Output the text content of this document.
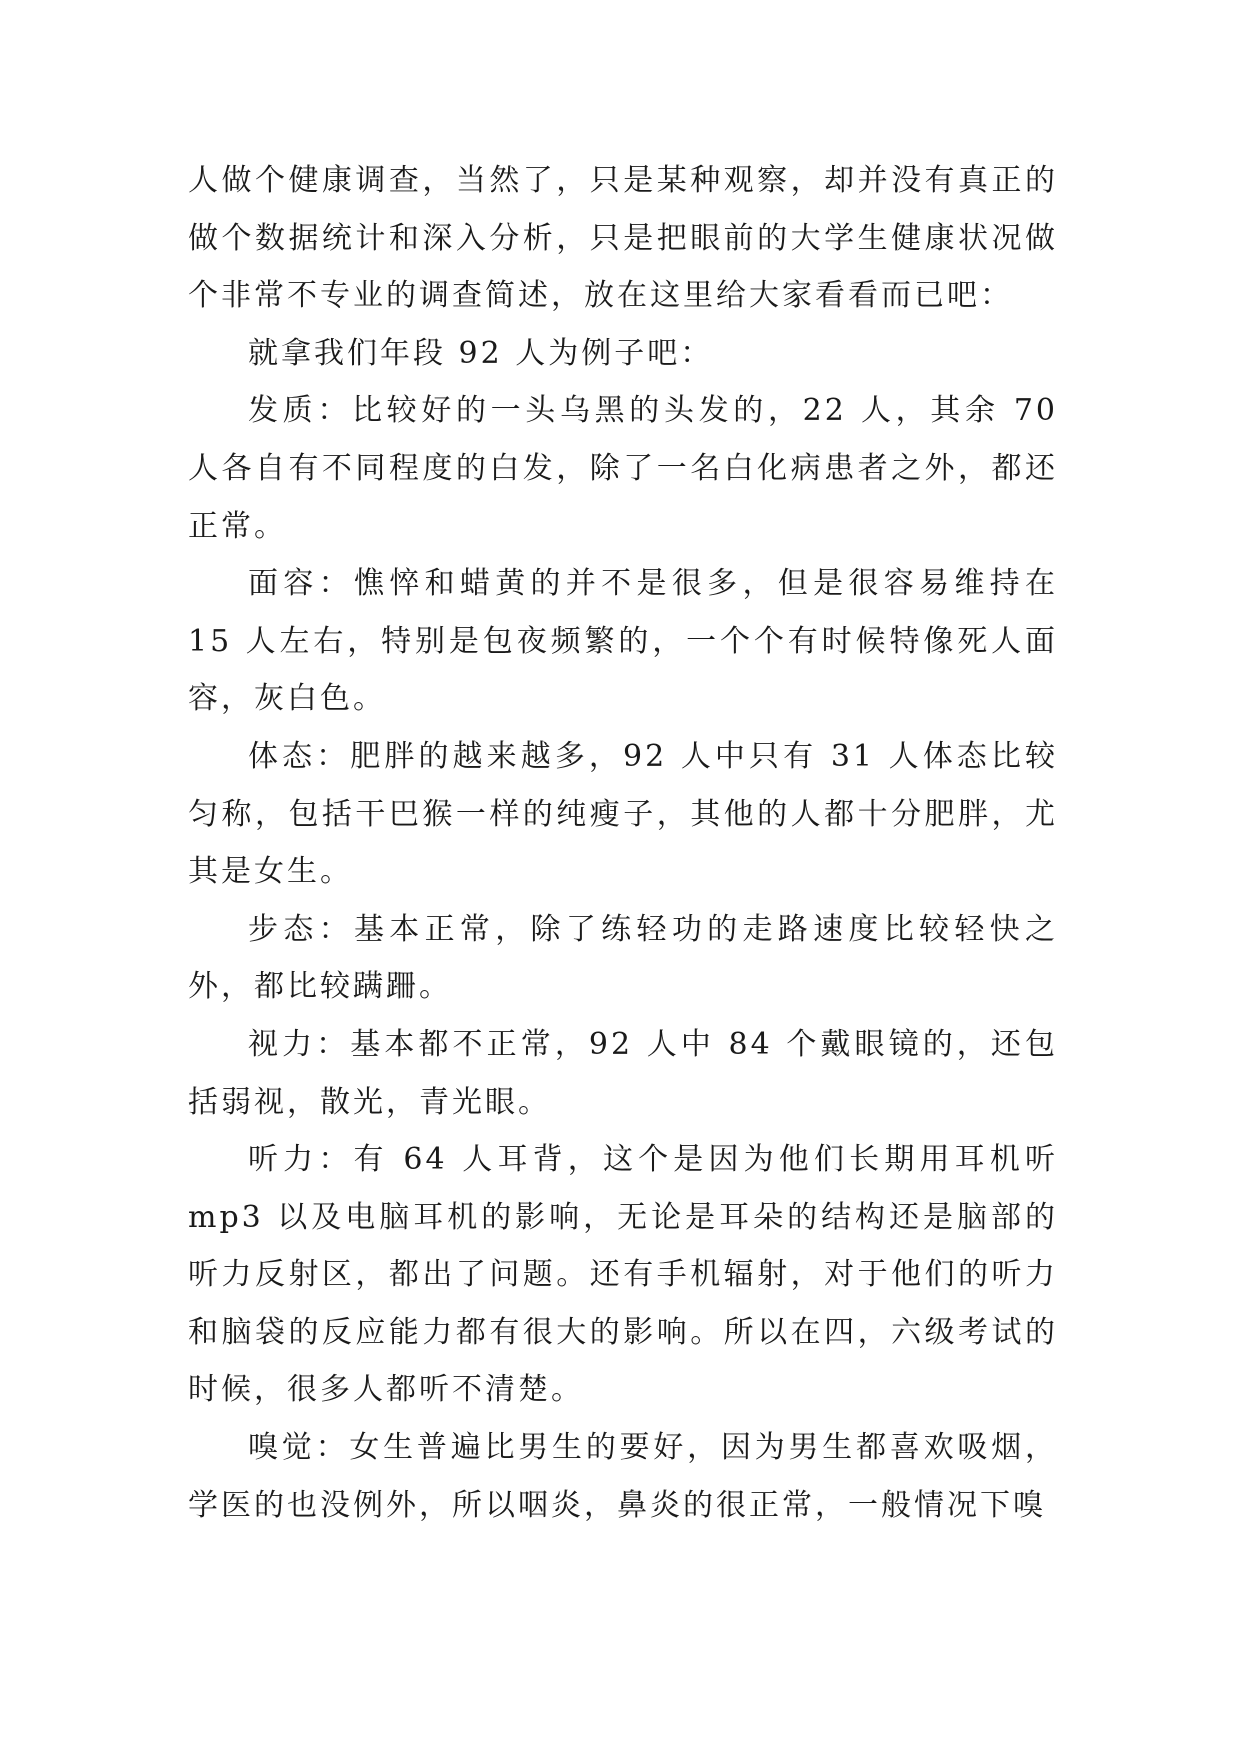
人做个健康调查，当然了，只是某种观察，却并没有真正的做个数据统计和深入分析，只是把眼前的大学生健康状况做个非常不专业的调查简述，放在这里给大家看看而已吧：

就拿我们年段 92 人为例子吧：

发质：比较好的一头乌黑的头发的，22 人，其余 70 人各自有不同程度的白发，除了一名白化病患者之外，都还正常。

面容：憔悴和蜡黄的并不是很多，但是很容易维持在 15 人左右，特别是包夜频繁的，一个个有时候特像死人面容，灰白色。

体态：肥胖的越来越多，92 人中只有 31 人体态比较匀称，包括干巴猴一样的纯瘦子，其他的人都十分肥胖，尤其是女生。

步态：基本正常，除了练轻功的走路速度比较轻快之外，都比较蹒跚。

视力：基本都不正常，92 人中 84 个戴眼镜的，还包括弱视，散光，青光眼。

听力：有 64 人耳背，这个是因为他们长期用耳机听 mp3 以及电脑耳机的影响，无论是耳朵的结构还是脑部的听力反射区，都出了问题。还有手机辐射，对于他们的听力和脑袋的反应能力都有很大的影响。所以在四，六级考试的时候，很多人都听不清楚。

嗅觉：女生普遍比男生的要好，因为男生都喜欢吸烟，学医的也没例外，所以咽炎，鼻炎的很正常，一般情况下嗅
